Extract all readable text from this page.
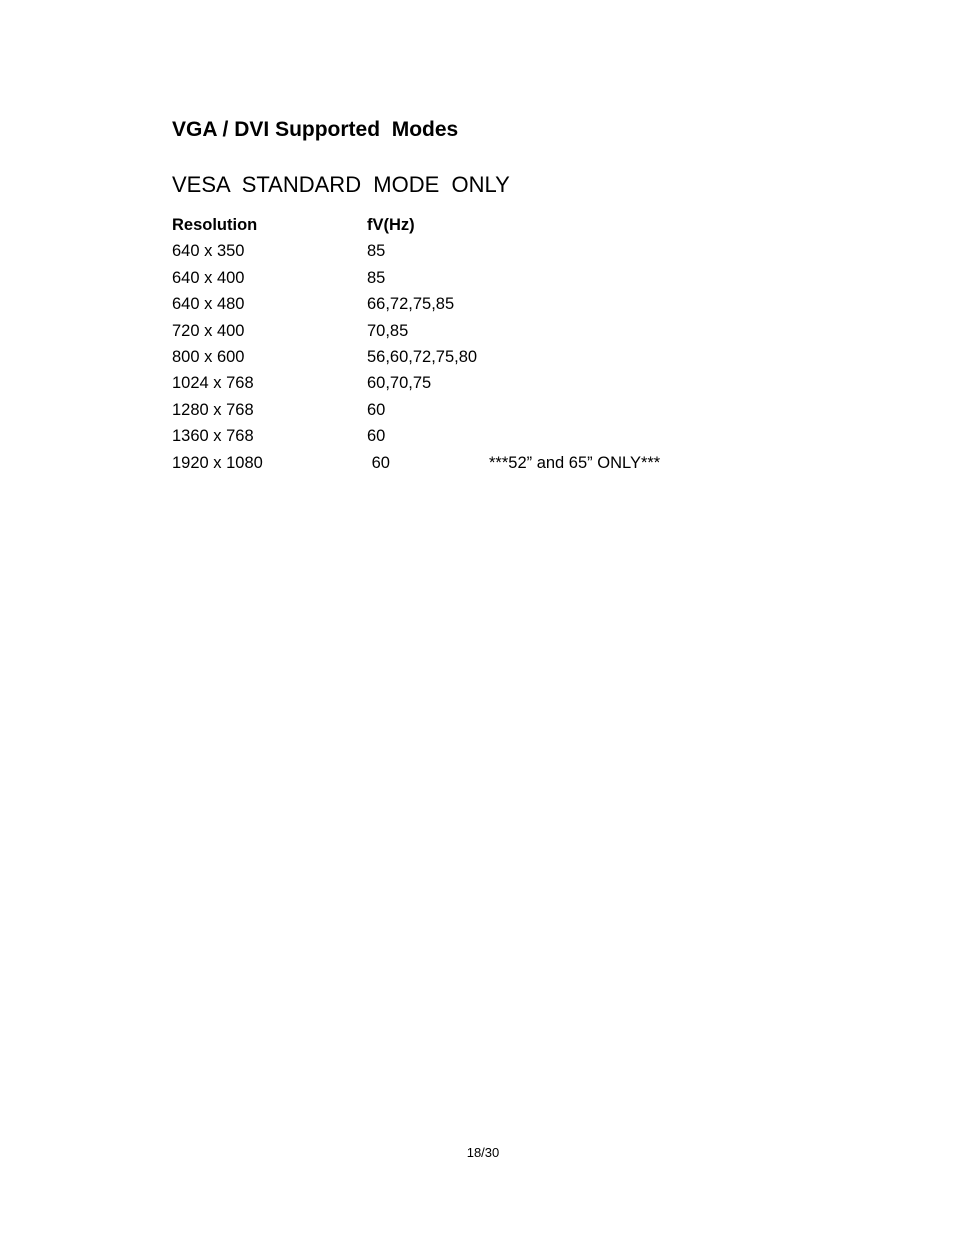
VGA / DVI Supported  Modes
VESA  STANDARD  MODE  ONLY
Resolution	fV(Hz)
640 x 350	85
640 x 400	85
640 x 480	66,72,75,85
720 x 400	70,85
800 x 600	56,60,72,75,80
1024 x 768	60,70,75
1280 x 768	60
1360 x 768	60
1920 x 1080	60	***52” and 65” ONLY***
18/30
